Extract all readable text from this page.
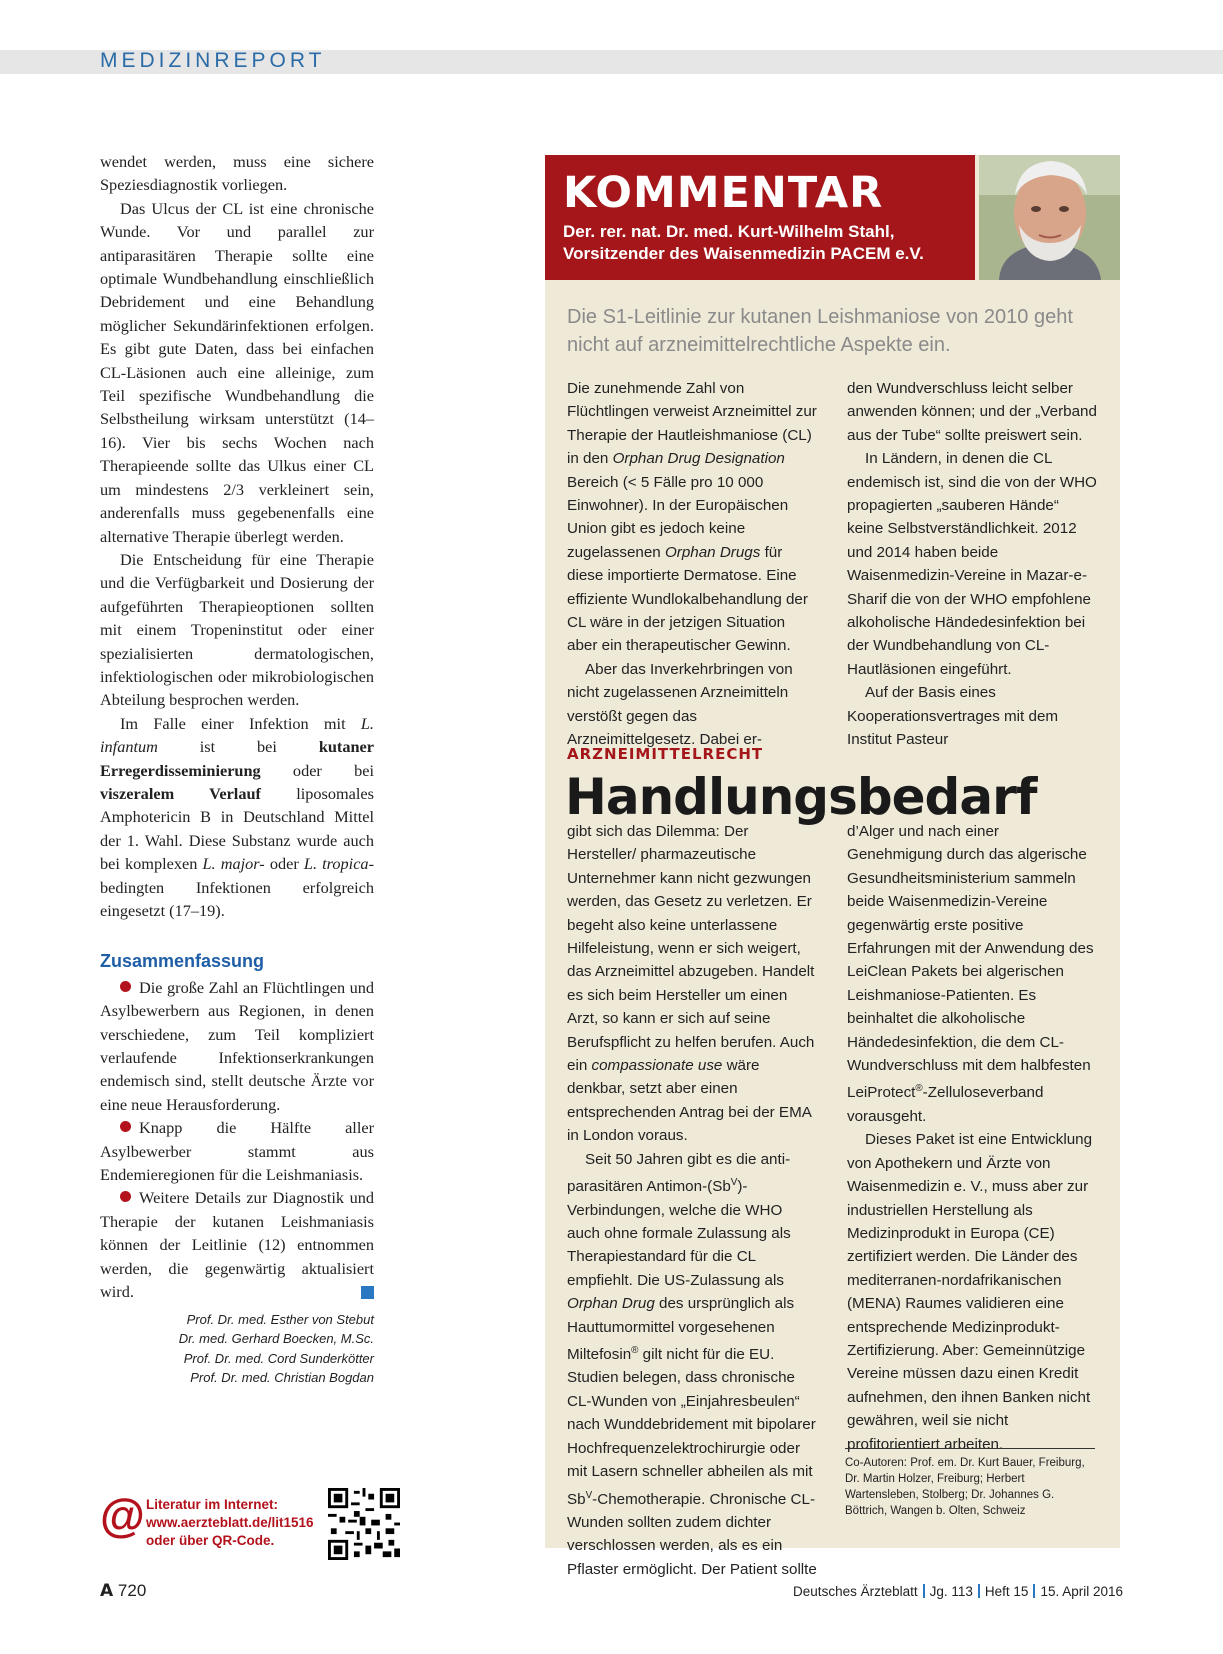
MEDIZINREPORT

wendet werden, muss eine sichere Speziesdiagnostik vorliegen.

Das Ulcus der CL ist eine chronische Wunde. Vor und parallel zur antiparasitären Therapie sollte eine optimale Wundbehandlung einschließlich Debridement und eine Behandlung möglicher Sekundärinfektionen erfolgen. Es gibt gute Daten, dass bei einfachen CL-Läsionen auch eine alleinige, zum Teil spezifische Wundbehandlung die Selbstheilung wirksam unterstützt (14–16). Vier bis sechs Wochen nach Therapieende sollte das Ulkus einer CL um mindestens 2/3 verkleinert sein, anderenfalls muss gegebenenfalls eine alternative Therapie überlegt werden.

Die Entscheidung für eine Therapie und die Verfügbarkeit und Dosierung der aufgeführten Therapieoptionen sollten mit einem Tropeninstitut oder einer spezialisierten dermatologischen, infektiologischen oder mikrobiologischen Abteilung besprochen werden.

Im Falle einer Infektion mit L. infantum ist bei kutaner Erregerdisseminierung oder bei viszeralem Verlauf liposomales Amphotericin B in Deutschland Mittel der 1. Wahl. Diese Substanz wurde auch bei komplexen L. major- oder L. tropica-bedingten Infektionen erfolgreich eingesetzt (17–19).

Zusammenfassung

Die große Zahl an Flüchtlingen und Asylbewerbern aus Regionen, in denen verschiedene, zum Teil kompliziert verlaufende Infektionserkrankungen endemisch sind, stellt deutsche Ärzte vor eine neue Herausforderung.

Knapp die Hälfte aller Asylbewerber stammt aus Endemieregionen für die Leishmaniasis.

Weitere Details zur Diagnostik und Therapie der kutanen Leishmaniasis können der Leitlinie (12) entnommen werden, die gegenwärtig aktualisiert wird.

Prof. Dr. med. Esther von Stebut
Dr. med. Gerhard Boecken, M.Sc.
Prof. Dr. med. Cord Sunderkötter
Prof. Dr. med. Christian Bogdan
@ Literatur im Internet:
www.aerzteblatt.de/lit1516
oder über QR-Code.
KOMMENTAR
Der. rer. nat. Dr. med. Kurt-Wilhelm Stahl,
Vorsitzender des Waisenmedizin PACEM e.V.
Die S1-Leitlinie zur kutanen Leishmaniose von 2010 geht nicht auf arzneimittelrechtliche Aspekte ein.

Die zunehmende Zahl von Flüchtlingen verweist Arzneimittel zur Therapie der Hautleishmaniose (CL) in den Orphan Drug Designation Bereich (< 5 Fälle pro 10 000 Einwohner). In der Europäischen Union gibt es jedoch keine zugelassenen Orphan Drugs für diese importierte Dermatose. Eine effiziente Wundlokalbehandlung der CL wäre in der jetzigen Situation aber ein therapeutischer Gewinn.

Aber das Inverkehrbringen von nicht zugelassenen Arzneimitteln verstößt gegen das Arzneimittelgesetz. Dabei er-

den Wundverschluss leicht selber anwenden können; und der „Verband aus der Tube“ sollte preiswert sein.

In Ländern, in denen die CL endemisch ist, sind die von der WHO propagierten „sauberen Hände“ keine Selbstverständlichkeit. 2012 und 2014 haben beide Waisenmedizin-Vereine in Mazar-e-Sharif die von der WHO empfohlene alkoholische Händedesinfektion bei der Wundbehandlung von CL-Hautläsionen eingeführt.

Auf der Basis eines Kooperationsvertrages mit dem Institut Pasteur

ARZNEIMITTELRECHT
Handlungsbedarf

gibt sich das Dilemma: Der Hersteller/ pharmazeutische Unternehmer kann nicht gezwungen werden, das Gesetz zu verletzen. Er begeht also keine unterlassene Hilfeleistung, wenn er sich weigert, das Arzneimittel abzugeben. Handelt es sich beim Hersteller um einen Arzt, so kann er sich auf seine Berufspflicht zu helfen berufen. Auch ein compassionate use wäre denkbar, setzt aber einen entsprechenden Antrag bei der EMA in London voraus.

Seit 50 Jahren gibt es die anti-parasitären Antimon-$(Sb^V)$-Verbindungen, welche die WHO auch ohne formale Zulassung als Therapiestandard für die CL empfiehlt. Die US-Zulassung als Orphan Drug des ursprünglich als Hauttumormittel vorgesehenen Miltefosin® gilt nicht für die EU. Studien belegen, dass chronische CL-Wunden von „Einjahresbeulen“ nach Wunddebridement mit bipolarer Hochfrequenzelektrochirurgie oder mit Lasern schneller abheilen als mit $Sb^V$-Chemotherapie. Chronische CL-Wunden sollten zudem dichter verschlossen werden, als es ein Pflaster ermöglicht. Der Patient sollte

d’Alger und nach einer Genehmigung durch das algerische Gesundheitsministerium sammeln beide Waisenmedizin-Vereine gegenwärtig erste positive Erfahrungen mit der Anwendung des LeiClean Pakets bei algerischen Leishmaniose-Patienten. Es beinhaltet die alkoholische Händedesinfektion, die dem CL-Wundverschluss mit dem halbfesten LeiProtect®-Zelluloseverband vorausgeht.

Dieses Paket ist eine Entwicklung von Apothekern und Ärzte von Waisenmedizin e. V., muss aber zur industriellen Herstellung als Medizinprodukt in Europa (CE) zertifiziert werden. Die Länder des mediterranen-nordafrikanischen (MENA) Raumes validieren eine entsprechende Medizinprodukt-Zertifizierung. Aber: Gemeinnützige Vereine müssen dazu einen Kredit aufnehmen, den ihnen Banken nicht gewähren, weil sie nicht profitorientiert arbeiten.

Co-Autoren: Prof. em. Dr. Kurt Bauer, Freiburg, Dr. Martin Holzer, Freiburg; Herbert Wartensleben, Stolberg; Dr. Johannes G. Böttrich, Wangen b. Olten, Schweiz
A 720	Deutsches Ärzteblatt Jg. 113 Heft 15 15. April 2016
